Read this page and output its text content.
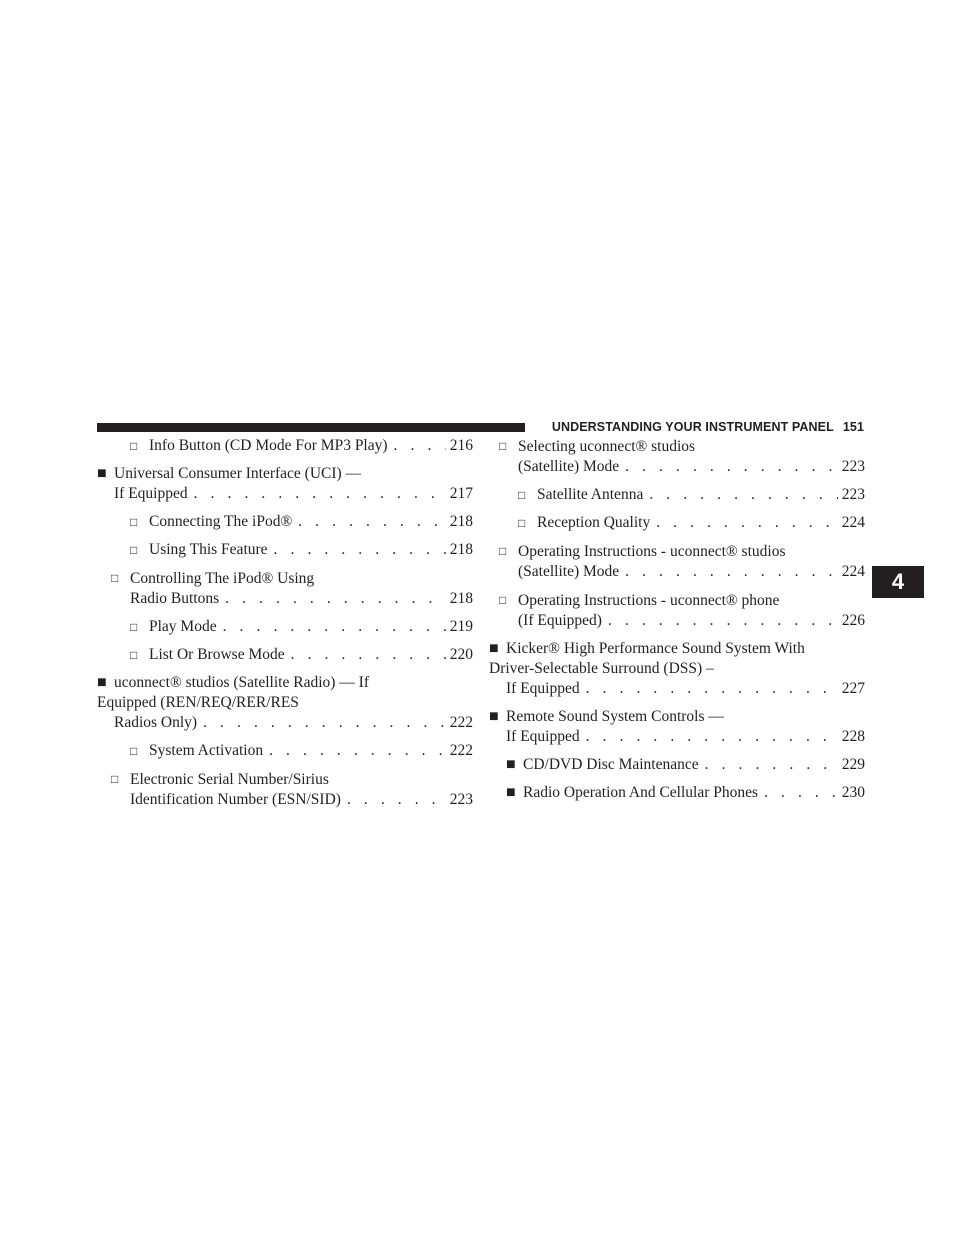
UNDERSTANDING YOUR INSTRUMENT PANEL 151
□ Info Button (CD Mode For MP3 Play) . . .	216
■ Universal Consumer Interface (UCI) —
If Equipped . . .	217
□ Connecting The iPod® . . .	218
□ Using This Feature . . .	218
□ Controlling The iPod® Using
Radio Buttons . . .	218
□ Play Mode . . .	219
□ List Or Browse Mode . . .	220
■ uconnect® studios (Satellite Radio) — If
Equipped (REN/REQ/RER/RES
Radios Only) . . .	222
□ System Activation . . .	222
□ Electronic Serial Number/Sirius
Identification Number (ESN/SID) . . .	223
□ Selecting uconnect® studios
(Satellite) Mode . . .	223
□ Satellite Antenna . . .	223
□ Reception Quality . . .	224
□ Operating Instructions - uconnect® studios
(Satellite) Mode . . .	224
□ Operating Instructions - uconnect® phone
(If Equipped) . . .	226
■ Kicker® High Performance Sound System With
Driver-Selectable Surround (DSS) –
If Equipped . . .	227
■ Remote Sound System Controls —
If Equipped . . .	228
■ CD/DVD Disc Maintenance . . .	229
■ Radio Operation And Cellular Phones . . .	230
4
